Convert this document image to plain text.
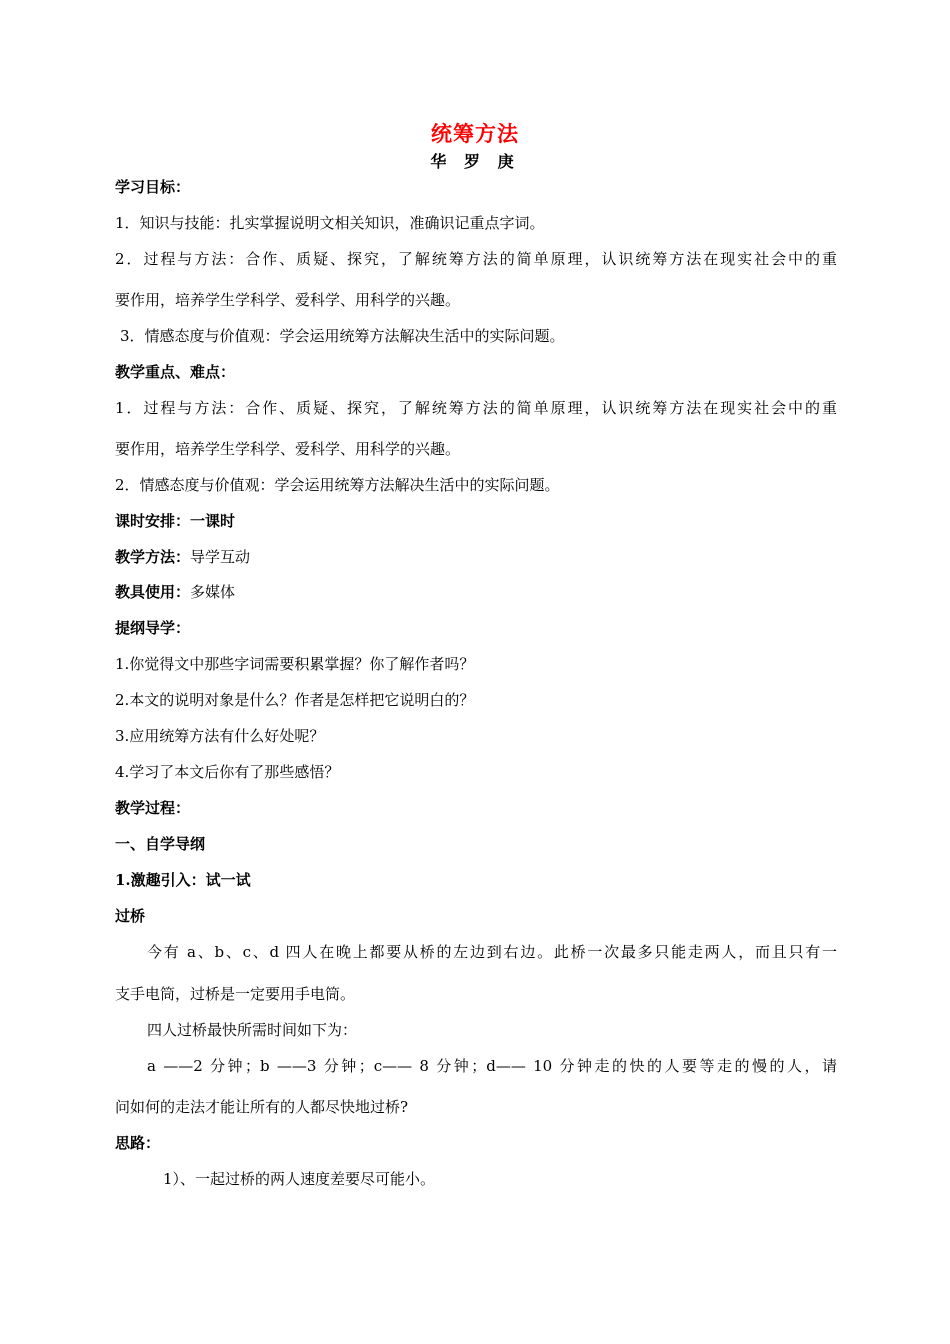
统筹方法
华 罗 庚
学习目标：
1．知识与技能：扎实掌握说明文相关知识，准确识记重点字词。
2．过程与方法：合作、质疑、探究，了解统筹方法的简单原理，认识统筹方法在现实社会中的重
要作用，培养学生学科学、爱科学、用科学的兴趣。
3．情感态度与价值观：学会运用统筹方法解决生活中的实际问题。
教学重点、难点：
1．过程与方法：合作、质疑、探究，了解统筹方法的简单原理，认识统筹方法在现实社会中的重
要作用，培养学生学科学、爱科学、用科学的兴趣。
2．情感态度与价值观：学会运用统筹方法解决生活中的实际问题。
课时安排：一课时
教学方法：导学互动
教具使用：多媒体
提纲导学：
1.你觉得文中那些字词需要积累掌握？你了解作者吗？
2.本文的说明对象是什么？作者是怎样把它说明白的？
3.应用统筹方法有什么好处呢？
4.学习了本文后你有了那些感悟？
教学过程：
一、自学导纲
1.激趣引入：试一试
过桥
今有 a、b、c、d 四人在晚上都要从桥的左边到右边。此桥一次最多只能走两人，而且只有一
支手电筒，过桥是一定要用手电筒。
四人过桥最快所需时间如下为：
a ——2 分钟；b ——3 分钟；c—— 8 分钟；d—— 10 分钟走的快的人要等走的慢的人，请
问如何的走法才能让所有的人都尽快地过桥?
思路：
1）、一起过桥的两人速度差要尽可能小。
